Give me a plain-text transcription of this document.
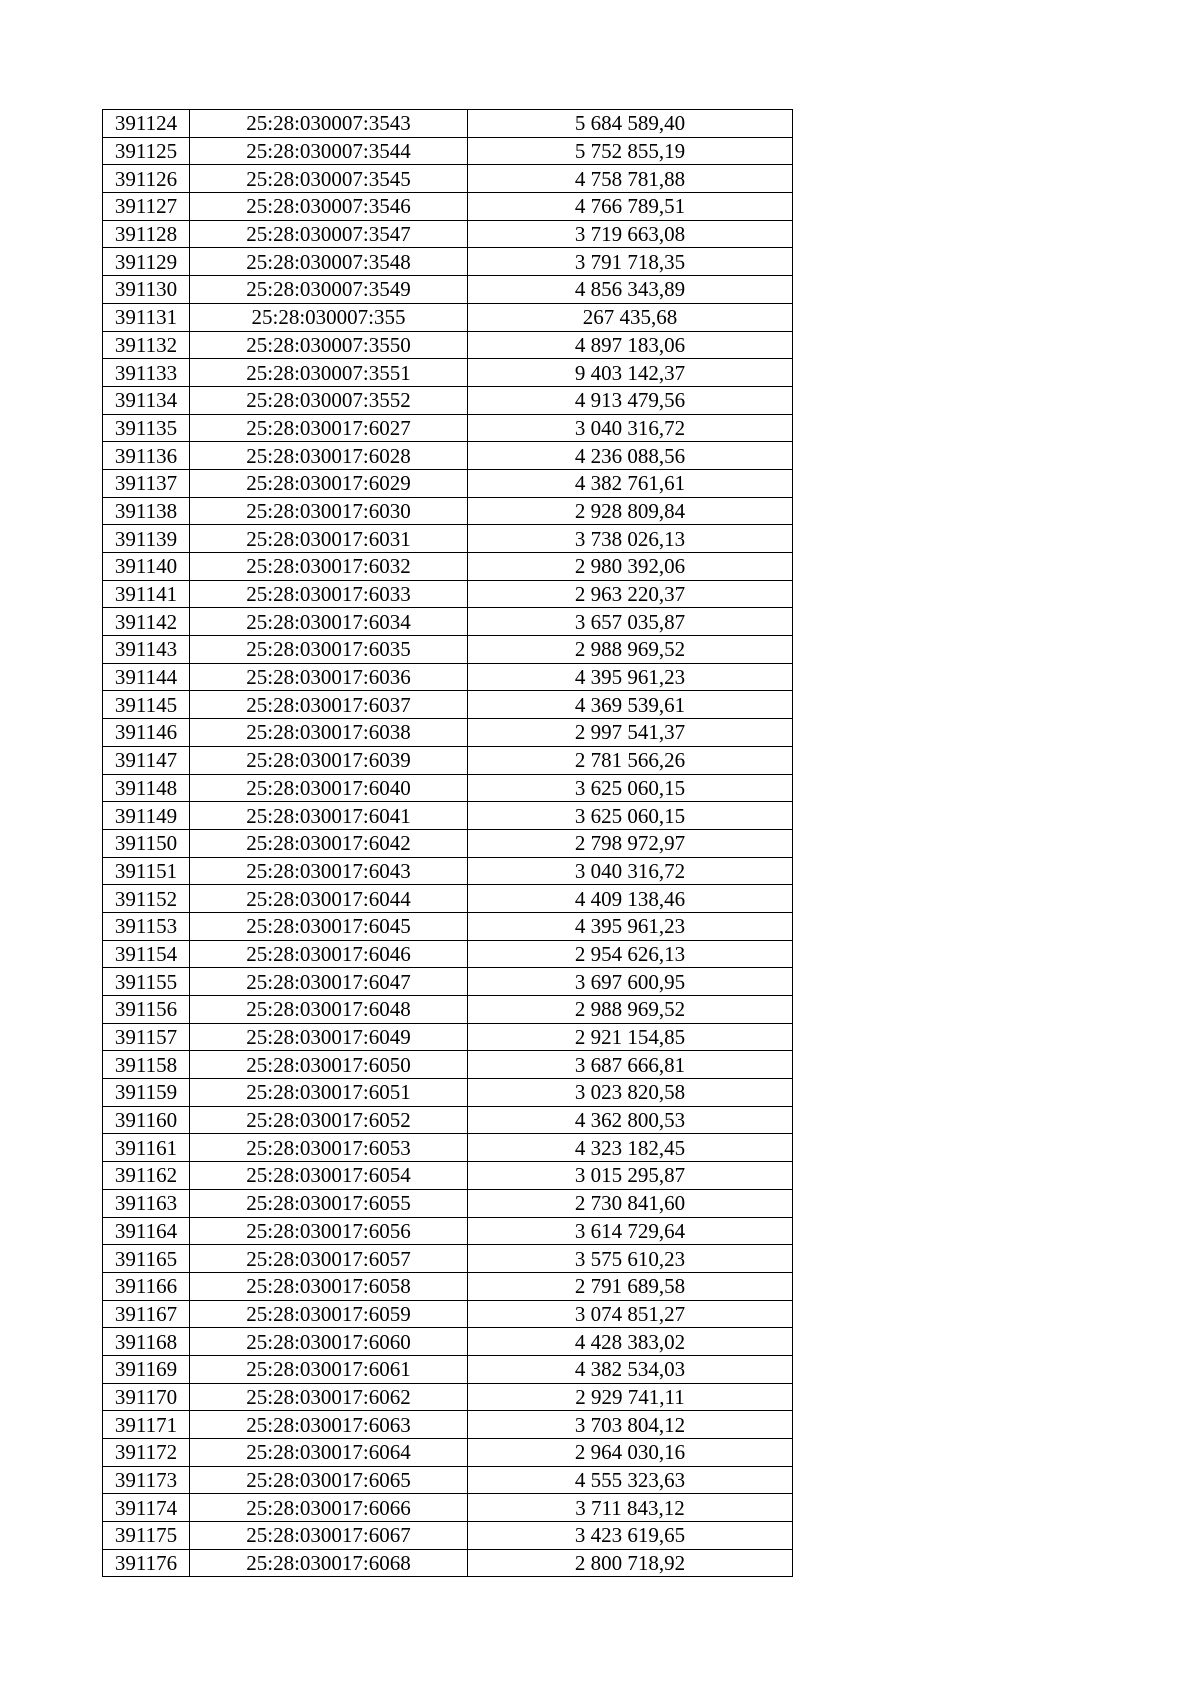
391124	25:28:030007:3543	5 684 589,40
391125	25:28:030007:3544	5 752 855,19
391126	25:28:030007:3545	4 758 781,88
391127	25:28:030007:3546	4 766 789,51
391128	25:28:030007:3547	3 719 663,08
391129	25:28:030007:3548	3 791 718,35
391130	25:28:030007:3549	4 856 343,89
391131	25:28:030007:355	267 435,68
391132	25:28:030007:3550	4 897 183,06
391133	25:28:030007:3551	9 403 142,37
391134	25:28:030007:3552	4 913 479,56
391135	25:28:030017:6027	3 040 316,72
391136	25:28:030017:6028	4 236 088,56
391137	25:28:030017:6029	4 382 761,61
391138	25:28:030017:6030	2 928 809,84
391139	25:28:030017:6031	3 738 026,13
391140	25:28:030017:6032	2 980 392,06
391141	25:28:030017:6033	2 963 220,37
391142	25:28:030017:6034	3 657 035,87
391143	25:28:030017:6035	2 988 969,52
391144	25:28:030017:6036	4 395 961,23
391145	25:28:030017:6037	4 369 539,61
391146	25:28:030017:6038	2 997 541,37
391147	25:28:030017:6039	2 781 566,26
391148	25:28:030017:6040	3 625 060,15
391149	25:28:030017:6041	3 625 060,15
391150	25:28:030017:6042	2 798 972,97
391151	25:28:030017:6043	3 040 316,72
391152	25:28:030017:6044	4 409 138,46
391153	25:28:030017:6045	4 395 961,23
391154	25:28:030017:6046	2 954 626,13
391155	25:28:030017:6047	3 697 600,95
391156	25:28:030017:6048	2 988 969,52
391157	25:28:030017:6049	2 921 154,85
391158	25:28:030017:6050	3 687 666,81
391159	25:28:030017:6051	3 023 820,58
391160	25:28:030017:6052	4 362 800,53
391161	25:28:030017:6053	4 323 182,45
391162	25:28:030017:6054	3 015 295,87
391163	25:28:030017:6055	2 730 841,60
391164	25:28:030017:6056	3 614 729,64
391165	25:28:030017:6057	3 575 610,23
391166	25:28:030017:6058	2 791 689,58
391167	25:28:030017:6059	3 074 851,27
391168	25:28:030017:6060	4 428 383,02
391169	25:28:030017:6061	4 382 534,03
391170	25:28:030017:6062	2 929 741,11
391171	25:28:030017:6063	3 703 804,12
391172	25:28:030017:6064	2 964 030,16
391173	25:28:030017:6065	4 555 323,63
391174	25:28:030017:6066	3 711 843,12
391175	25:28:030017:6067	3 423 619,65
391176	25:28:030017:6068	2 800 718,92
